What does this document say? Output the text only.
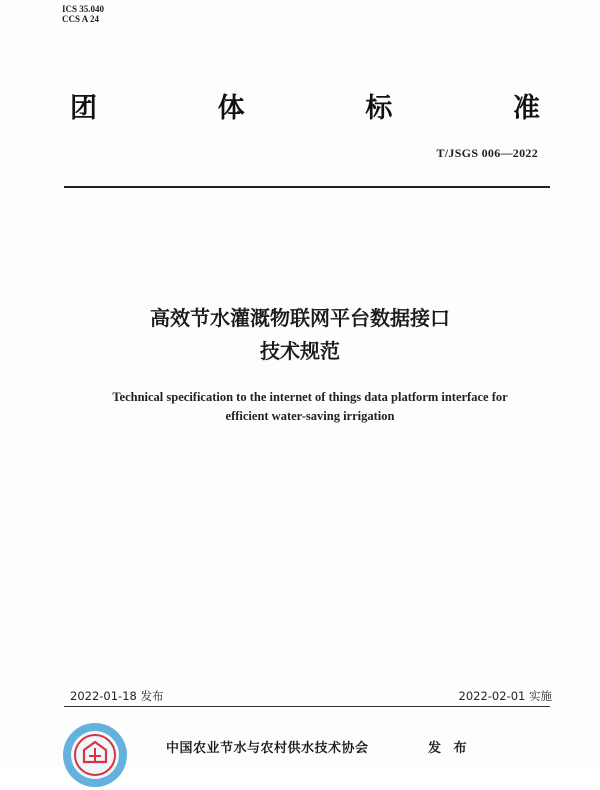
ICS 35.040
CCS A 24
团	体	标	准
T/JSGS 006—2022
高效节水灌溉物联网平台数据接口
技术规范
Technical specification to the internet of things data platform interface for
efficient water-saving irrigation
2022-01-18 发布	2022-02-01 实施
中国农业节水与农村供水技术协会	发 布
